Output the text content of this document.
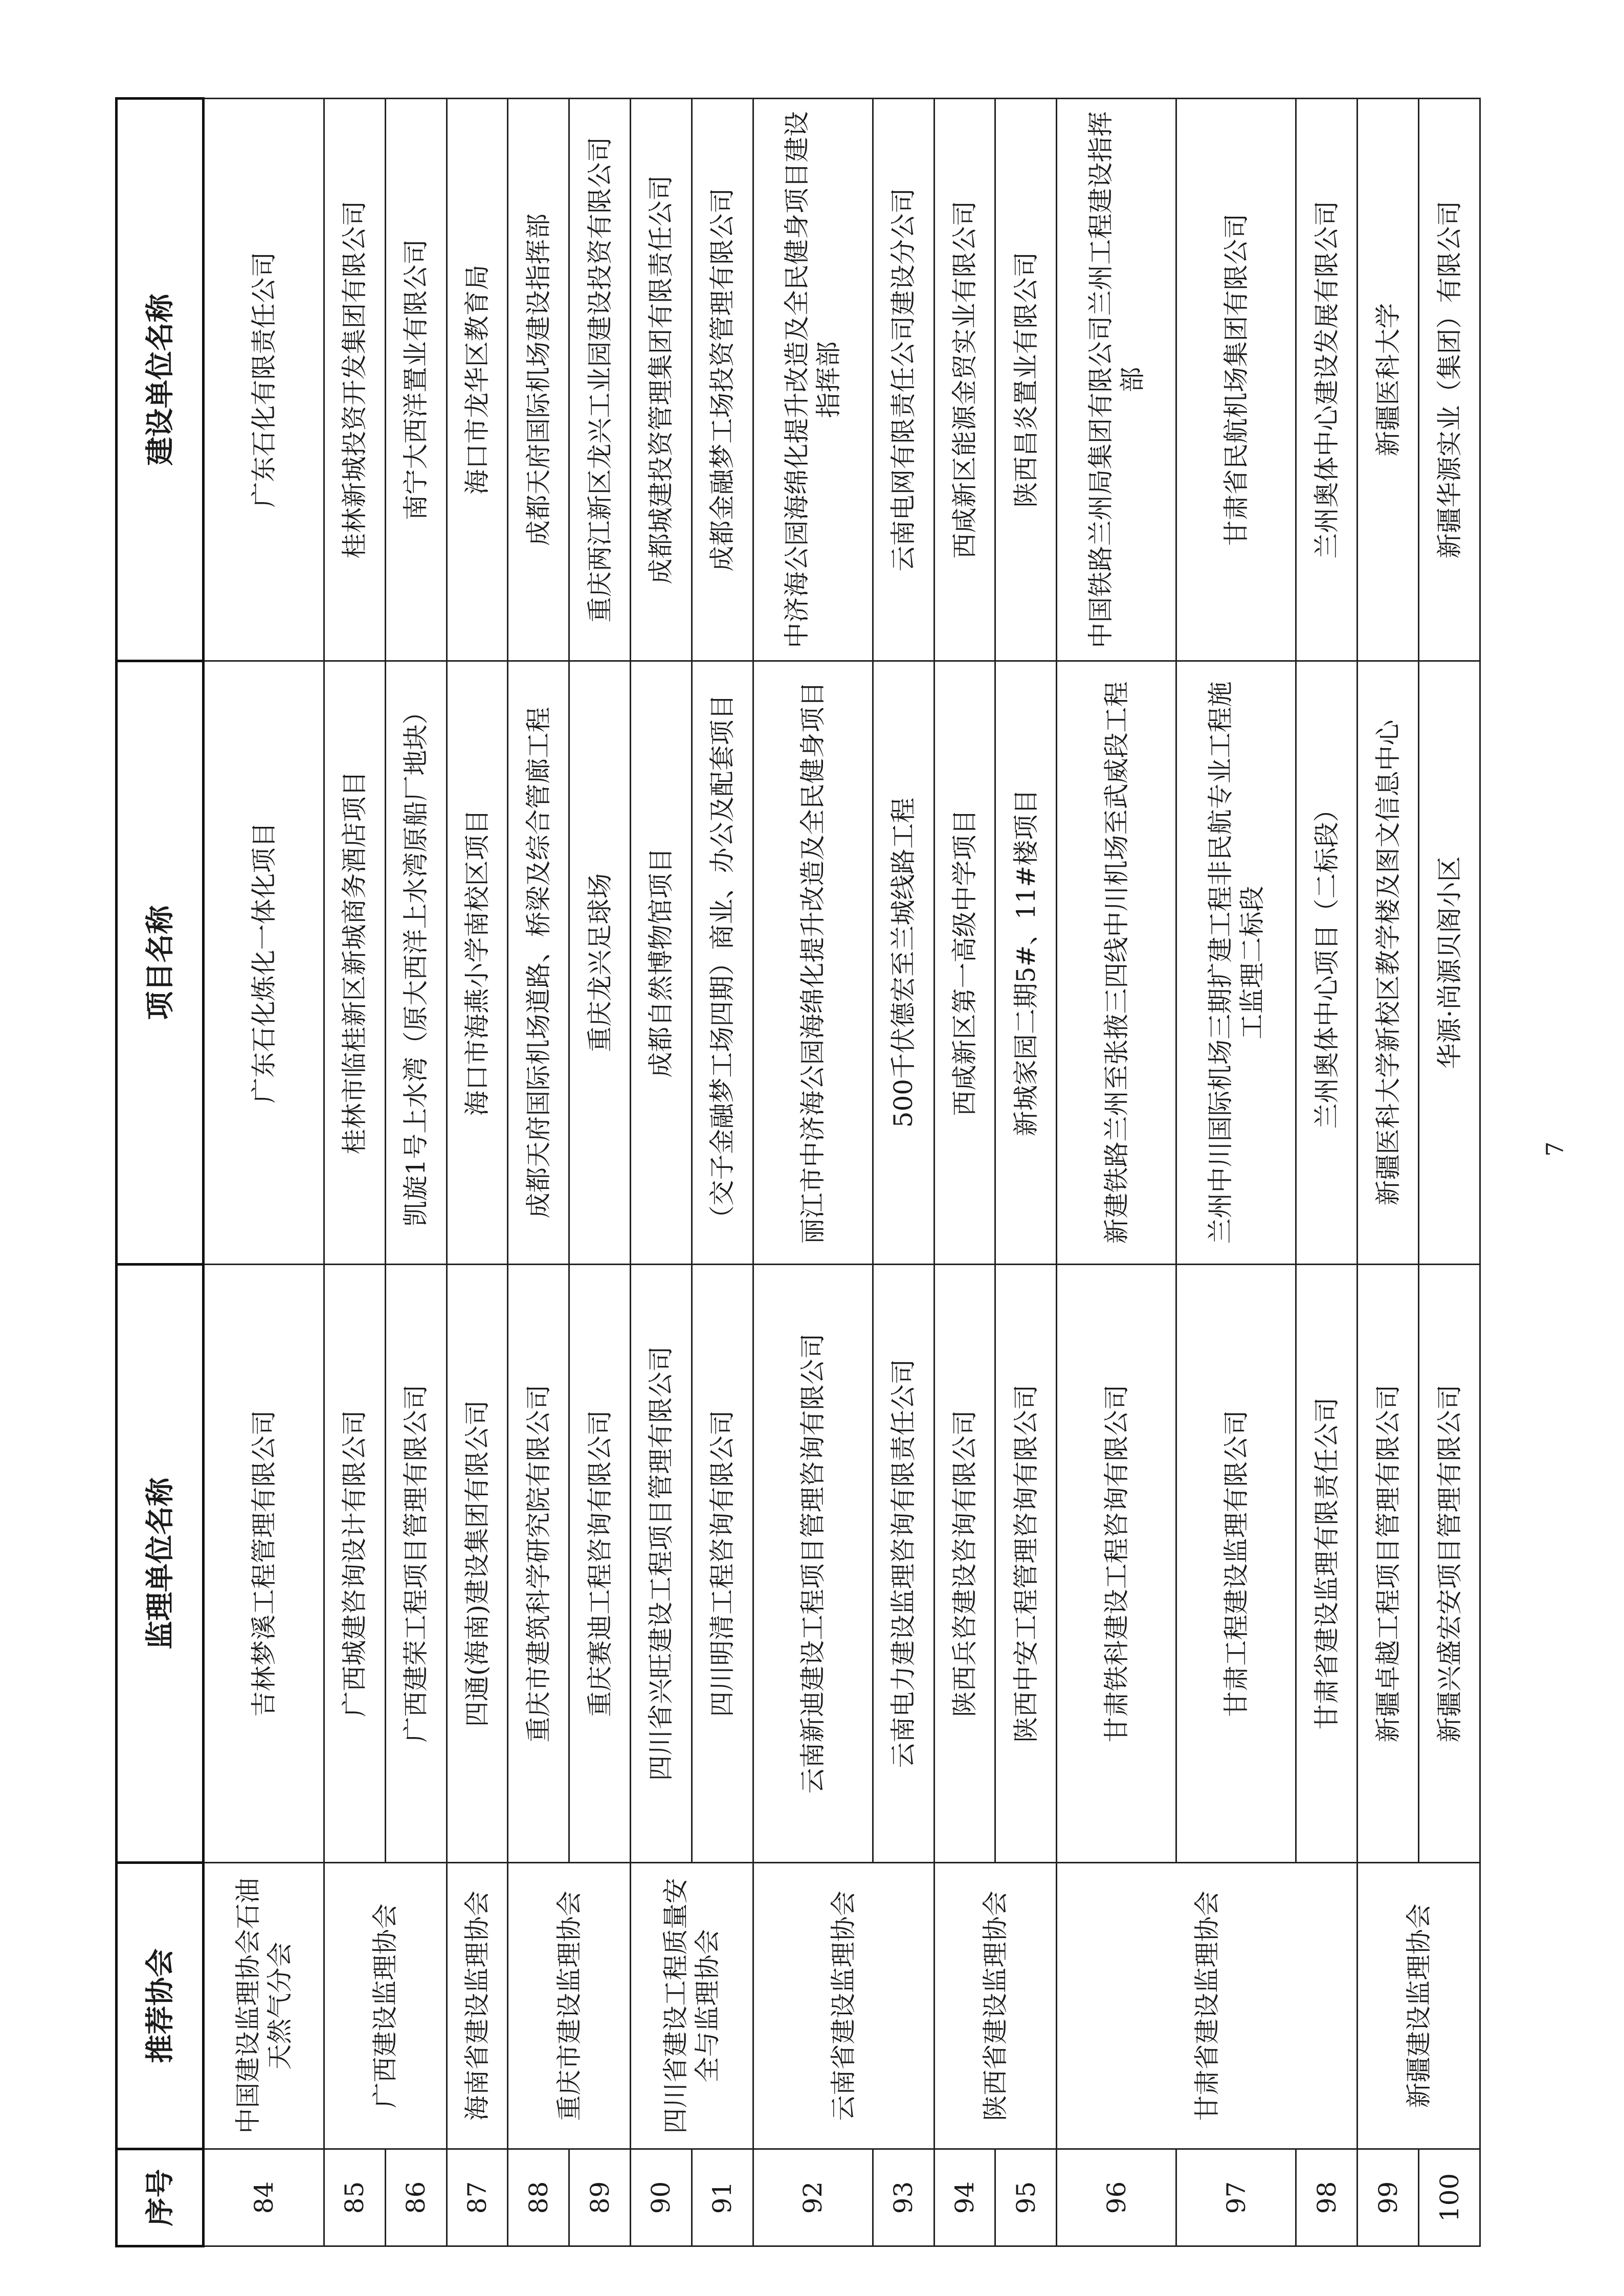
序号	推荐协会	监理单位名称	项目名称	建设单位名称
84	中国建设监理协会石油天然气分会	吉林梦溪工程管理有限公司	广东石化炼化一体化项目	广东石化有限责任公司
85	广西建设监理协会	广西城建咨询设计有限公司	桂林市临桂新区新城商务酒店项目	桂林新城投资开发集团有限公司
86		广西建荣工程项目管理有限公司	凯旋1号上水湾（原大西洋上水湾原船厂地块）	南宁大西洋置业有限公司
87	海南省建设监理协会	四通(海南)建设集团有限公司	海口市海燕小学南校区项目	海口市龙华区教育局
88	重庆市建设监理协会	重庆市建筑科学研究院有限公司	成都天府国际机场道路、桥梁及综合管廊工程	成都天府国际机场建设指挥部
89		重庆赛迪工程咨询有限公司	重庆龙兴足球场	重庆两江新区龙兴工业园建设投资有限公司
90	四川省建设工程质量安全与监理协会	四川省兴旺建设工程项目管理有限公司	成都自然博物馆项目	成都城建投资管理集团有限责任公司
91		四川明清工程咨询有限公司	（交子金融梦工场四期）商业、办公及配套项目	成都金融梦工场投资管理有限公司
92	云南省建设监理协会	云南新迪建设工程项目管理咨询有限公司	丽江市中济海公园海绵化提升改造及全民健身项目	中济海公园海绵化提升改造及全民健身项目建设指挥部
93		云南电力建设监理咨询有限责任公司	500千伏德宏至兰城线路工程	云南电网有限责任公司建设分公司
94	陕西省建设监理协会	陕西兵咨建设咨询有限公司	西咸新区第一高级中学项目	西咸新区能源金贸实业有限公司
95		陕西中安工程管理咨询有限公司	新城家园二期5#、11#楼项目	陕西昌炎置业有限公司
96	甘肃省建设监理协会	甘肃铁科建设工程咨询有限公司	新建铁路兰州至张掖三四线中川机场至武威段工程	中国铁路兰州局集团有限公司兰州工程建设指挥部
97		甘肃工程建设监理有限公司	兰州中川国际机场三期扩建工程非民航专业工程施工监理二标段	甘肃省民航机场集团有限公司
98		甘肃省建设监理有限责任公司	兰州奥体中心项目（二标段）	兰州奥体中心建设发展有限公司
99	新疆建设监理协会	新疆卓越工程项目管理有限公司	新疆医科大学新校区教学楼及图文信息中心	新疆医科大学
100		新疆兴盛宏安项目管理有限公司	华源·尚源贝阁小区	新疆华源实业（集团）有限公司
7
